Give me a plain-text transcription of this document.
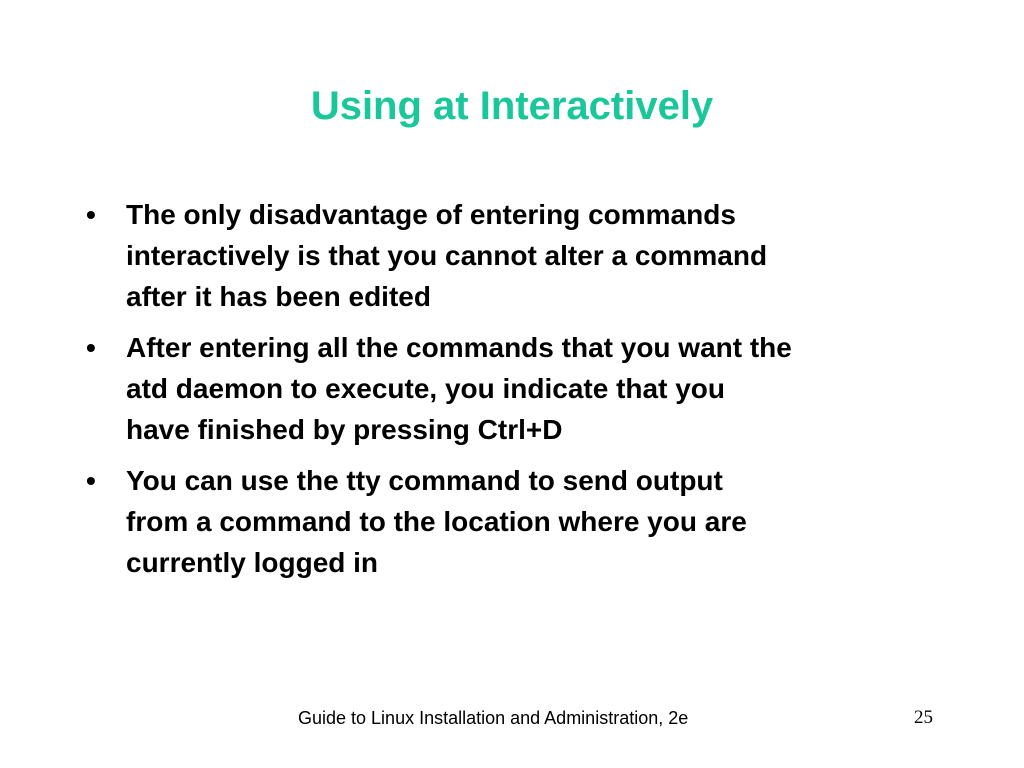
Using at Interactively
• The only disadvantage of entering commands
interactively is that you cannot alter a command
after it has been edited
• After entering all the commands that you want the
atd daemon to execute, you indicate that you
have finished by pressing Ctrl+D
• You can use the tty command to send output
from a command to the location where you are
currently logged in
Guide to Linux Installation and Administration, 2e	25
